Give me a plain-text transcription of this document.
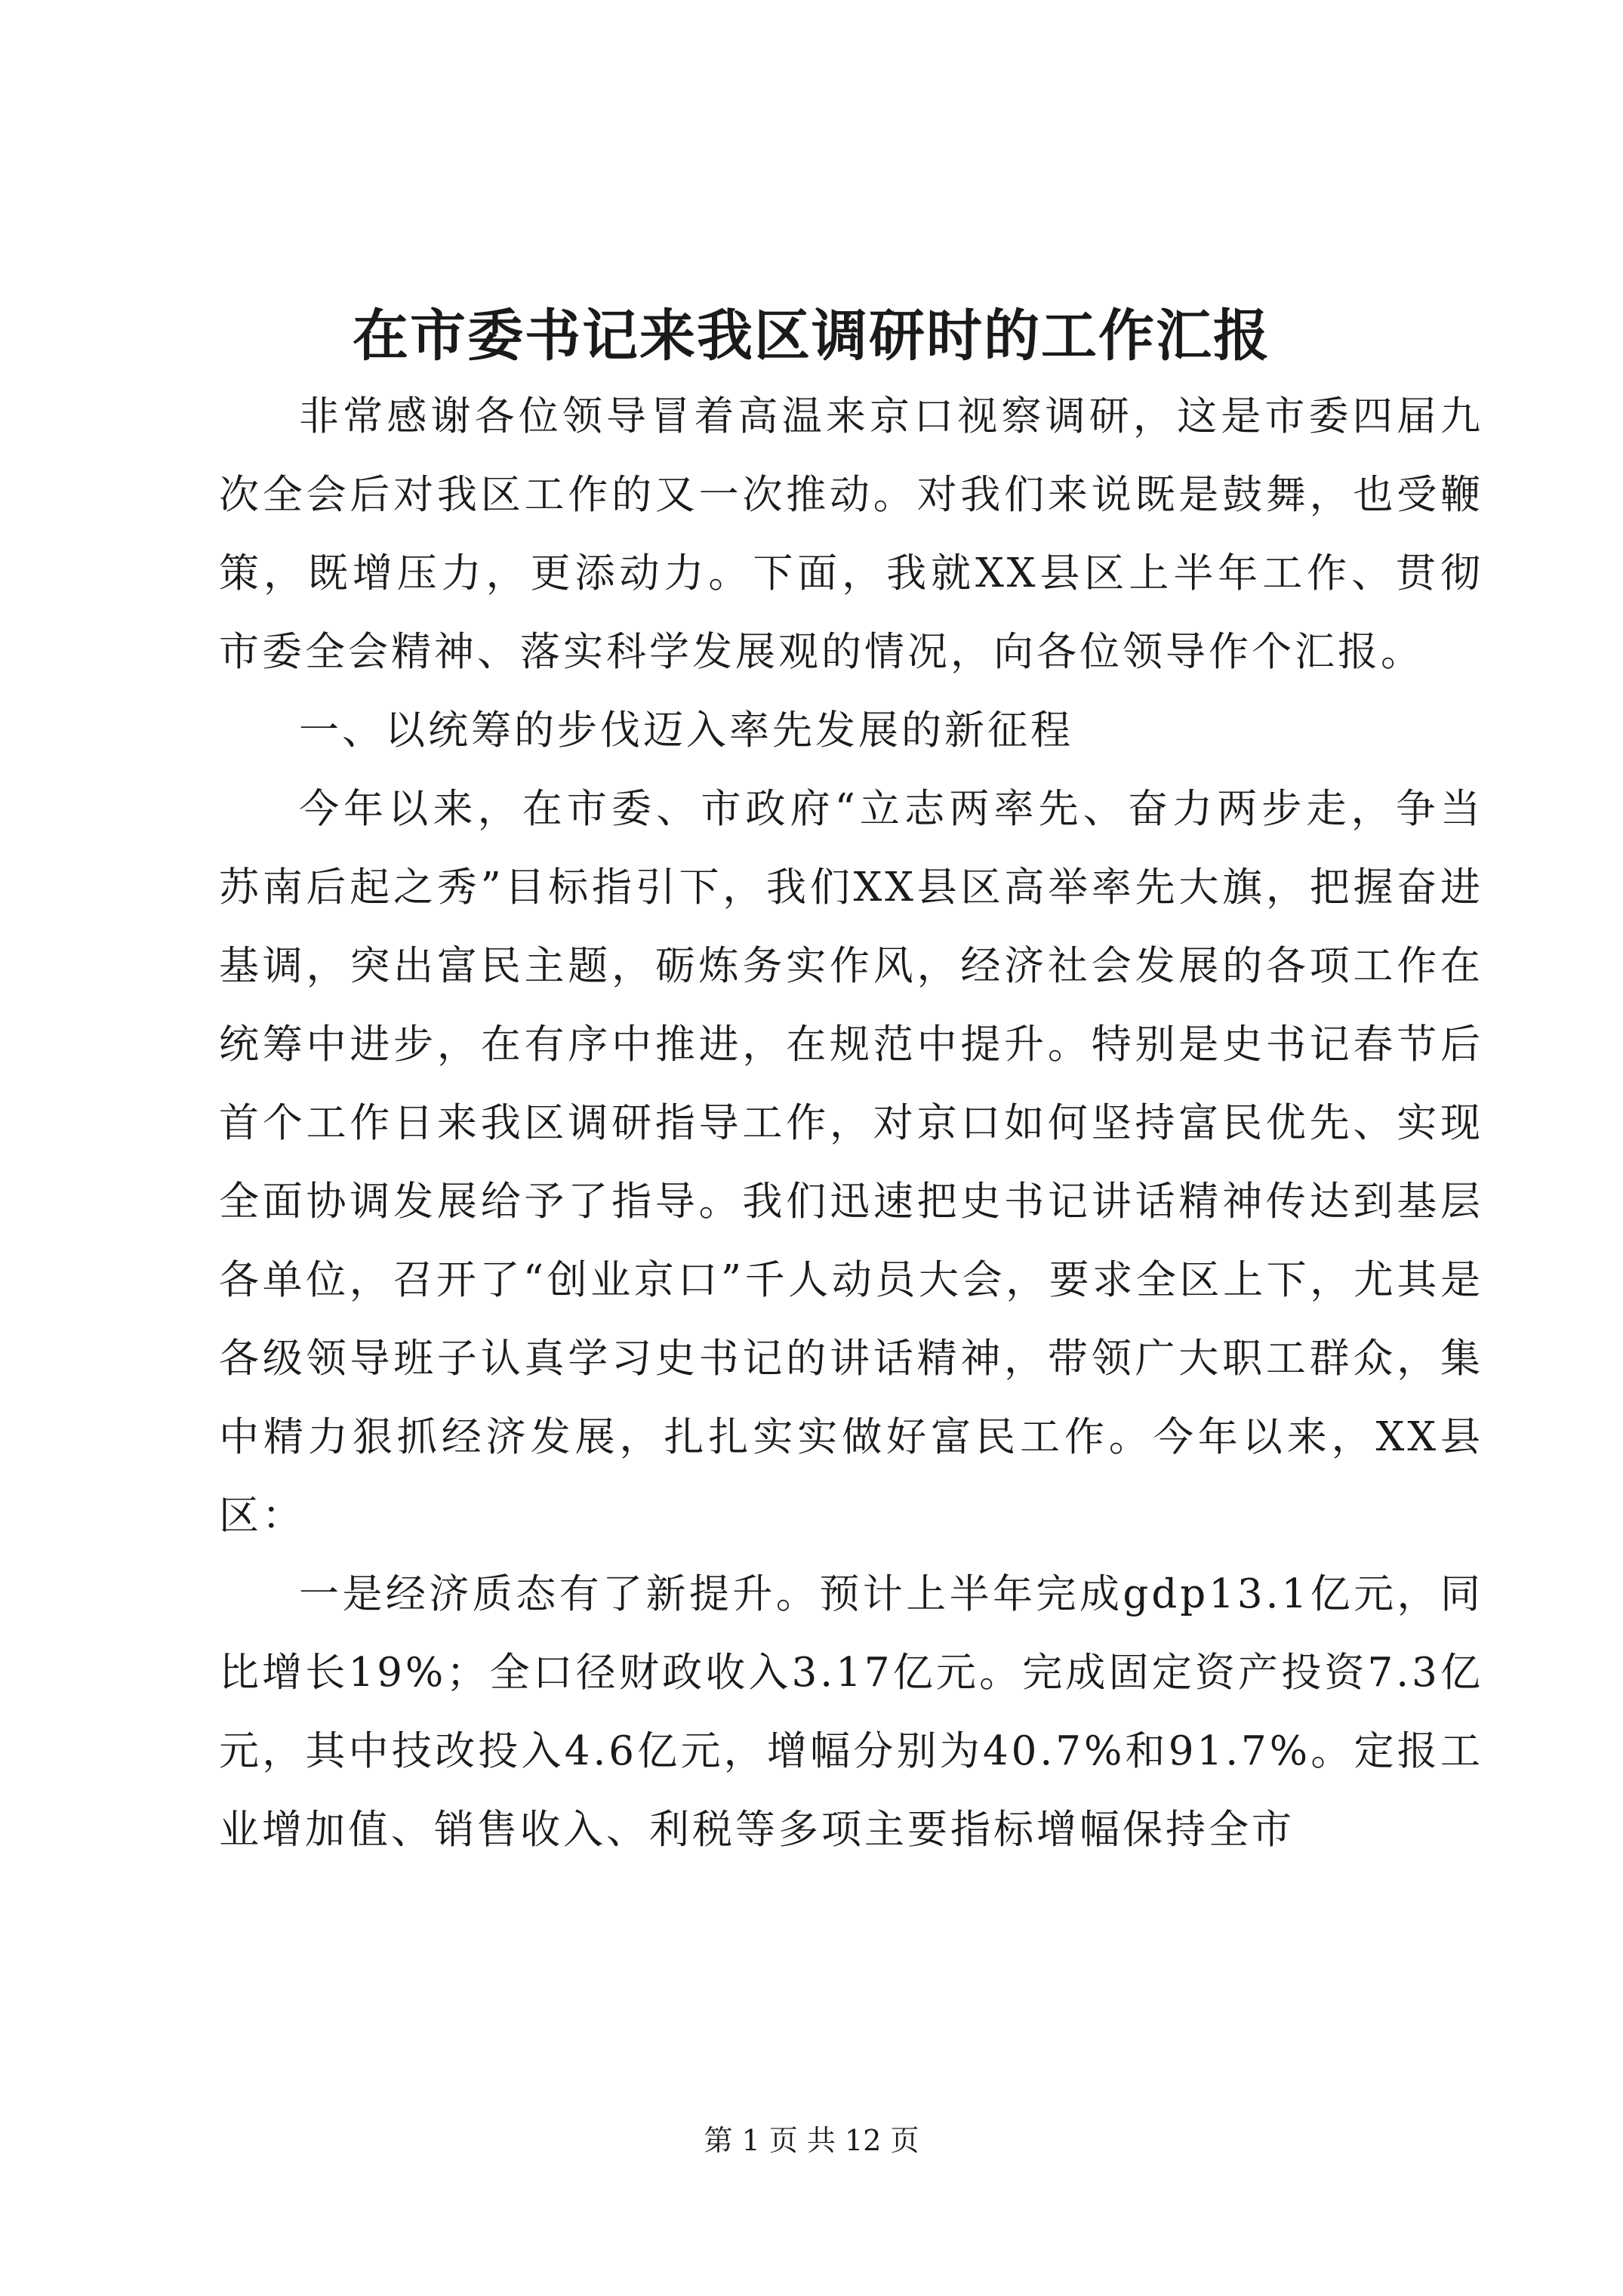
在市委书记来我区调研时的工作汇报

非常感谢各位领导冒着高温来京口视察调研，这是市委四届九次全会后对我区工作的又一次推动。对我们来说既是鼓舞，也受鞭策，既增压力，更添动力。下面，我就XX县区上半年工作、贯彻市委全会精神、落实科学发展观的情况，向各位领导作个汇报。

一、以统筹的步伐迈入率先发展的新征程

今年以来，在市委、市政府“立志两率先、奋力两步走，争当苏南后起之秀”目标指引下，我们XX县区高举率先大旗，把握奋进基调，突出富民主题，砺炼务实作风，经济社会发展的各项工作在统筹中进步，在有序中推进，在规范中提升。特别是史书记春节后首个工作日来我区调研指导工作，对京口如何坚持富民优先、实现全面协调发展给予了指导。我们迅速把史书记讲话精神传达到基层各单位，召开了“创业京口”千人动员大会，要求全区上下，尤其是各级领导班子认真学习史书记的讲话精神，带领广大职工群众，集中精力狠抓经济发展，扎扎实实做好富民工作。今年以来，XX县区：

一是经济质态有了新提升。预计上半年完成gdp13.1亿元，同比增长19%；全口径财政收入3.17亿元。完成固定资产投资7.3亿元，其中技改投入4.6亿元，增幅分别为40.7%和91.7%。定报工业增加值、销售收入、利税等多项主要指标增幅保持全市

第 1 页 共 12 页
